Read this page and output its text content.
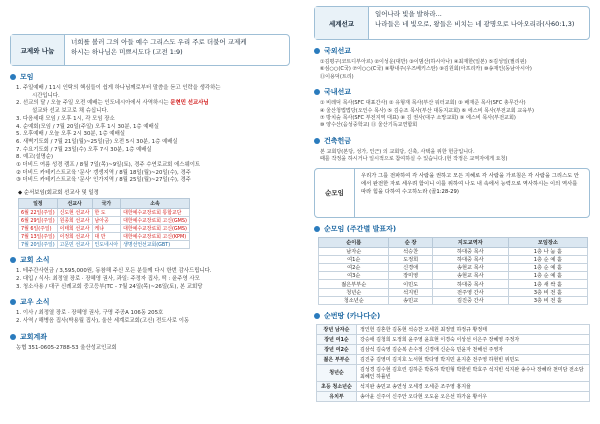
교제와 나눔
너희를 볼러 그의 아들 예수 그리스도 우리 주로 더불어 교제케
하시는 하나님은 미쁘시도다 (고전 1:9)
모임
1. 주일예배 / 11시 인탁의 핵심들이 쉽게 하나님께로부터 말씀을 듣고 인락을 생각하는
시간입니다.
2. 선교의 달 / 오늘 주일 오전 예배는 인도네시아에서 사역하시는 문현민 선교사님
설교와 선교 보고로 채 슈십니다.
3. 다음세대 모임 / 오후 1시, 각 모임 장소
4. 순예회(모임 / 7월 20일(주일) 오후 1시 30분, 1층 예배실
5. 오후예배 / 오늘 오후 2시 30분, 1층 예배실
6. 새벽기도회 / 7월 21일(월)~25일(금) 오전 5시 30분, 1층 예배실
7. 수요기도회 / 7월 23일(수) 오후 7시 30분, 1층 예배실
8. 예고(설명순)
① 더비드 여름 성경 캠프 / 8월 7일(목)~9일(토), 경주 수연로교회 에스웨이트
② 더비드 카테키스트교육 '문사' 갱생지역 / 8월 18일(월)~20일(수), 경주
③ 더비드 카테키스트교육 '문사' 인가지역 / 8월 25일(월)~27일(수), 경주
◆ 순서보임(회교회 선교사 및 일정
일정	선교사	국가	소속
6월 22일(주일)	신도현 선교사	한 도	대한예수교장로회 통합교단
6월 29일(주일)	원종희 선교사	남아공	대한예수교장로회 고신(GMS)
7월 6일(주일)	이태희 선교사	케냐	대한예수교장로회 고신(GMS)
7월 13일(주일)	이정희 선교사	대 만	대한예수교장로회 고신(KPM)
7월 20일(주일)	고문민 선교사	인도네시아	생명선언선교회(GBT)
교회 소식
1. 테주간사헌금 / 3,595,000원, 동참해 주신 모든 분들께 다시 한번 감사드립니다.
2. 대입 / 식사: 최정열 장로 · 장혜영 권사, 과일: 주정자 집사, 떡 : 윤주영 사모
3. 청소사용 / 대구 신례교회 중고등부(TC - 7월 24일(목)~26일(토), 본 교회당
교우 소식
1. 이사 / 최정열 장로 · 장혜영 권사, 구명 주공A 106동 205호
2. 사역 / 해병음 집사(박용월 집사), 울산 세계로교회(고신) 전도사로 이동
교회계좌
농협 351-0605-2788-53 울산성교인교회
세계선교
일어나라 빛을 발하라...
나라들은 네 빛으로, 왕들은 비치는 네 광명으로 나아오리라(사60:1,3)
국외선교
①김평구(코트디부아르) ②이성운(대만) ③이범산(하시아나) ④최재한(일본) ⑤김성일(필리핀)
⑥심○○(C국) ⑦이○○(C국) ⑧황내주(우즈베키스탄) ⑨김원회(아프리카) ⑩송재인(동남아시아)
⑪이용덕(트리)
국내선교
① 비레덕 목사(SFC 대표간사) ② 유형재 목사(부산 워터교회) ③ 배재준 목사(SFC 총무간사)
④ 울산청법법당(오인수 목사) ⑤ 김승조 목사(부산 대동지교회) ⑥ 에스비 목사(부전교회 교육부)
⑦ 방치숲 목사(SFC 부전지역 대표) ⑧ 김 권사(대구 소망교회) ⑨ 에스비 목사(부전교회)
⑩ 양수산(음성중학교) ⑪ 울산기독교연합회
건축헌금
본 교회당(본당, 성가, 인근) 의 교회당, 신축, 사택을 위한 헌금입니다.
때를 작정을 하시거나 일시적으로 참여하실 수 있습니다.(헌 작정은 교역자에게 요청)
순모임
우리가 그를 전파하여 각 사람을 권하고 모든 지혜로 각 사람을 가르침은 각 사람을 그리스도 안에서 완전한 자로 세우려 함이니 이를 위하여 나도 내 속에서 능력으로 역사하시는 이의 역사를 따라 힘을 다하여 수고하노라 (골1:28-29)
순모임 (주간별 발표자)
순이름	순 장	지도교역자	모임장소
남자순	석승찬	하대중 목사	1층 나 눔 홀
여1순	도정희	하대중 목사	1층 순 예 홀
여2순	신경애	송현교 목사	1층 순 예 홀
여3순	장미영	송현교 목사	1층 순 예 홀
젊은부부순	이민도	하대중 목사	1층 새 싹 홀
청년순	석지빈	전주영 간사	3층 비 전 홀
청소년순	송민교	김진중 간사	3층 비 전 홀
순번땅 (카나다순)
장년 남자순	정인헌 김혼한 김동현 석승찬 오세원 최정열 하정규 황정태
장년 여1순	강승애 김청희 도정희 윤주영 윤효현 이경숙 이상선 이은주 장혜영 주정자
장년 여2순	김삼석 김숙영 김순복 손수정 신경애 신순옥 민윤자 천해선 주영자
젊은 부부순	김진중 김영미 김지호 노서현 박다영 박지민 윤지훈 전주영 하현빈 위민도
청년순	김성경 김수현 김호린 김하준 박동하 박민형 박한빈 박효주 석지빈 석지완 송수나 장혜라 천미담 전소담 최혜인 하률빈
초등 청소년순	석지완 송민교 송연성 오세경 오세준 조주영 홍지율
유치부	송아윤 신주이 신주안 오다현 오도윤 오은선 하가윤 황서우
